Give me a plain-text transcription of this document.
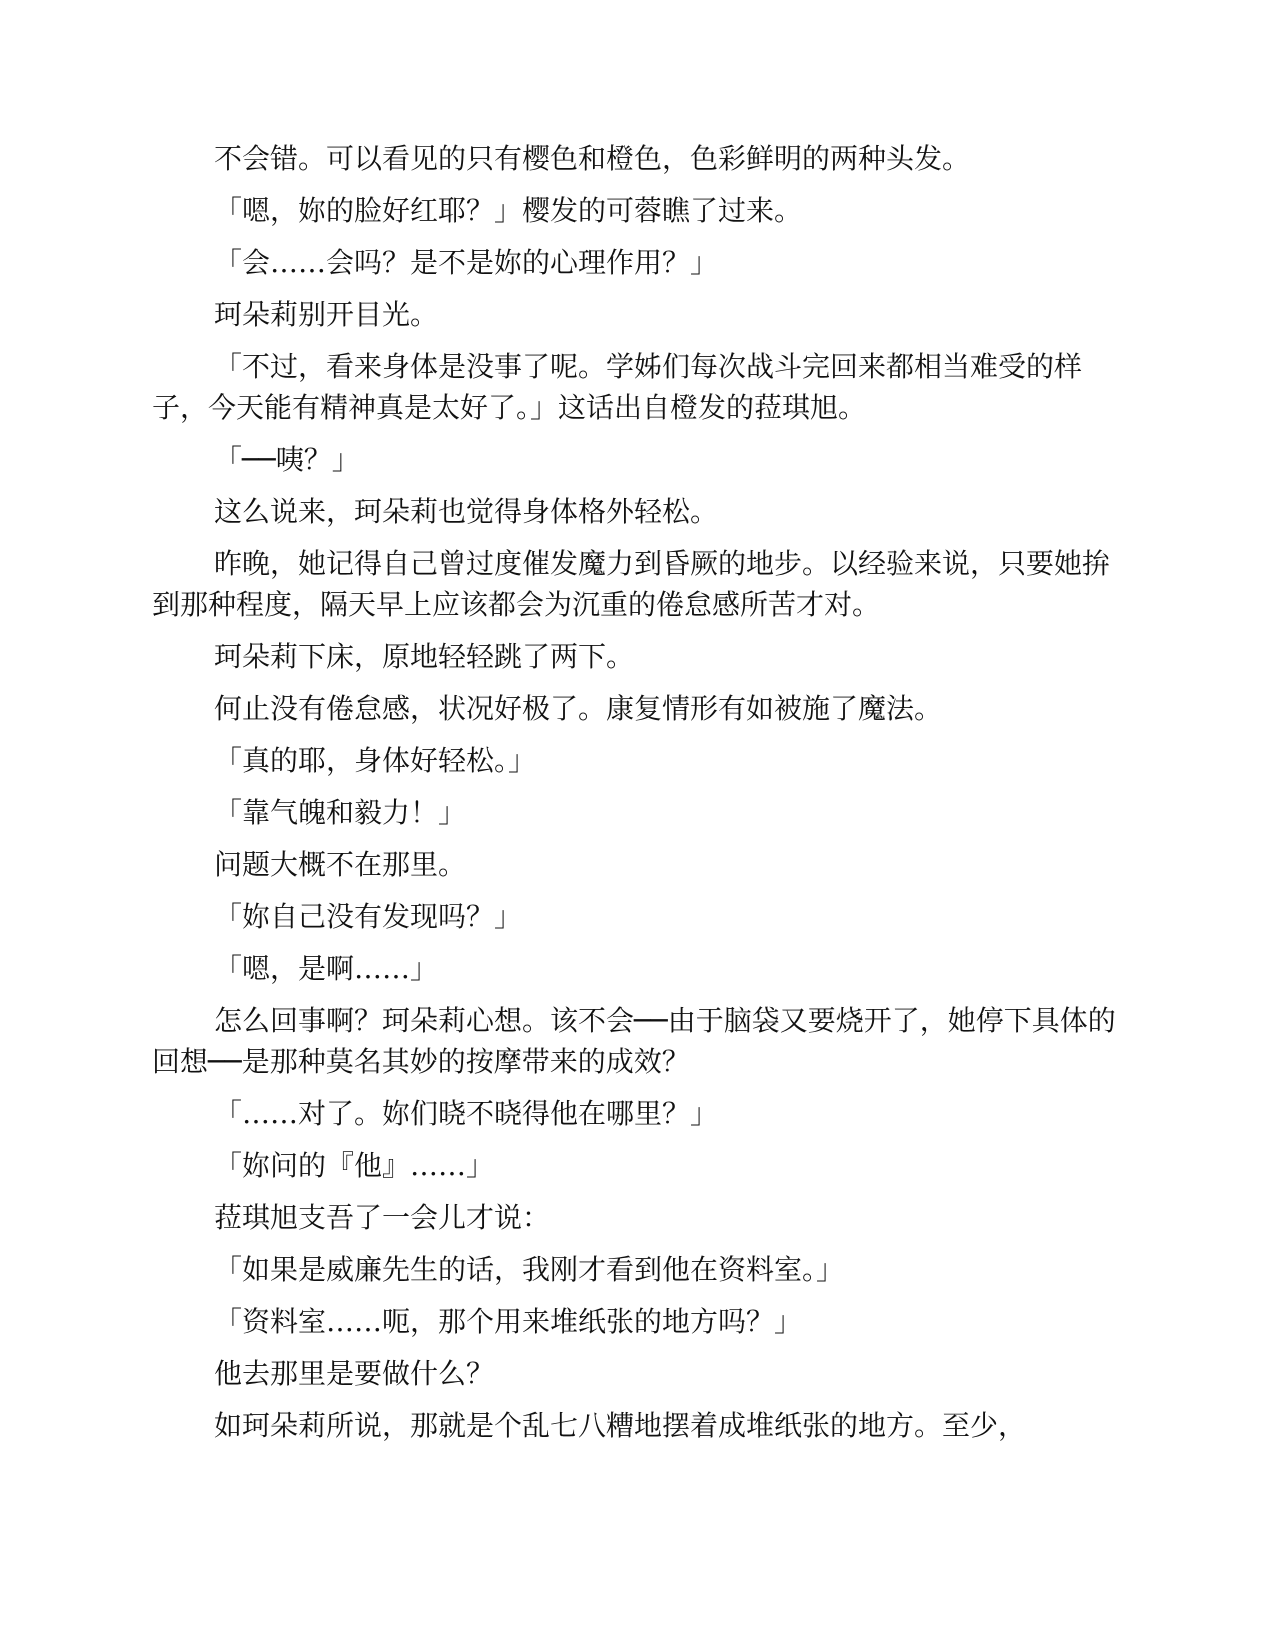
不会错。可以看见的只有樱色和橙色，色彩鲜明的两种头发。

「嗯，妳的脸好红耶？」樱发的可蓉瞧了过来。

「会……会吗？是不是妳的心理作用？」

珂朵莉别开目光。

「不过，看来身体是没事了呢。学姊们每次战斗完回来都相当难受的样子，今天能有精神真是太好了。」这话出自橙发的菈琪旭。

「──咦？」

这么说来，珂朵莉也觉得身体格外轻松。

昨晚，她记得自己曾过度催发魔力到昏厥的地步。以经验来说，只要她拚到那种程度，隔天早上应该都会为沉重的倦怠感所苦才对。

珂朵莉下床，原地轻轻跳了两下。

何止没有倦怠感，状况好极了。康复情形有如被施了魔法。

「真的耶，身体好轻松。」

「靠气魄和毅力！」

问题大概不在那里。

「妳自己没有发现吗？」

「嗯，是啊……」

怎么回事啊？珂朵莉心想。该不会──由于脑袋又要烧开了，她停下具体的回想──是那种莫名其妙的按摩带来的成效？

「……对了。妳们晓不晓得他在哪里？」

「妳问的『他』……」

菈琪旭支吾了一会儿才说：

「如果是威廉先生的话，我刚才看到他在资料室。」

「资料室……呃，那个用来堆纸张的地方吗？」

他去那里是要做什么？

如珂朵莉所说，那就是个乱七八糟地摆着成堆纸张的地方。至少，
